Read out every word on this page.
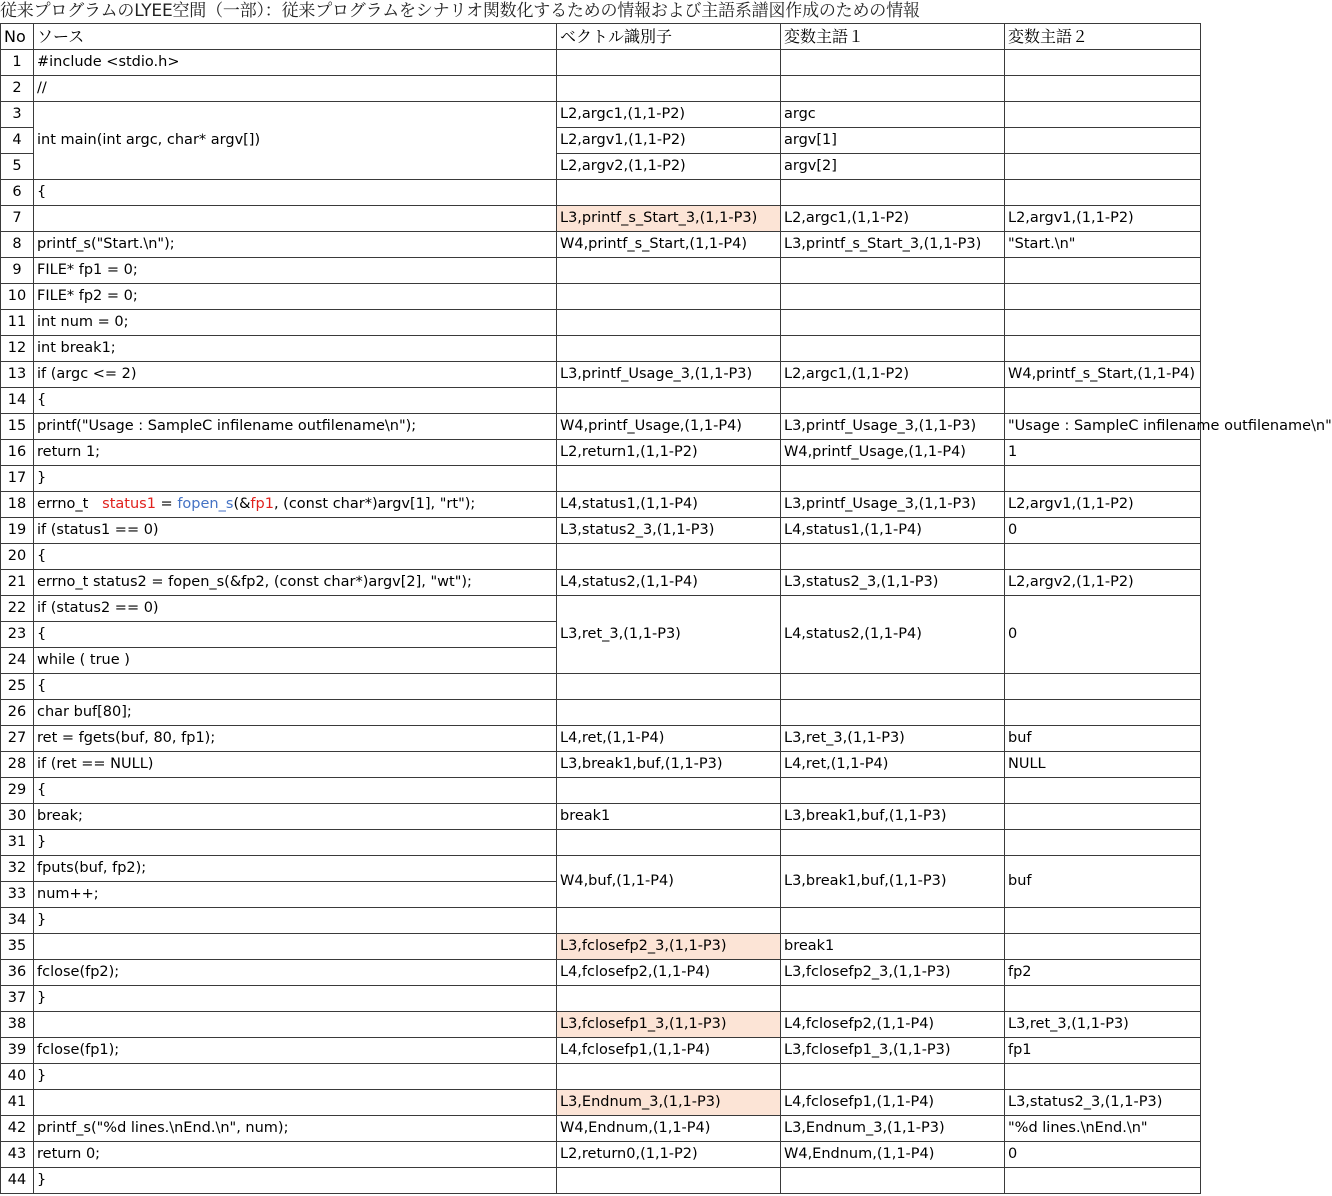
従来プログラムのLYEE空間（一部）：従来プログラムをシナリオ関数化するための情報および主語系譜図作成のための情報
No	ソース	ベクトル識別子	変数主語１	変数主語２
1	#include <stdio.h>			
2	//			
3	int main(int argc, char* argv[])	L2,argc1,(1,1-P2)	argc	
4		L2,argv1,(1,1-P2)	argv[1]	
5		L2,argv2,(1,1-P2)	argv[2]	
6	{			
7		L3,printf_s_Start_3,(1,1-P3)	L2,argc1,(1,1-P2)	L2,argv1,(1,1-P2)
8	printf_s("Start.\n");	W4,printf_s_Start,(1,1-P4)	L3,printf_s_Start_3,(1,1-P3)	"Start.\n"
9	FILE* fp1 = 0;			
10	FILE* fp2 = 0;			
11	int num = 0;			
12	int break1;			
13	if (argc <= 2)	L3,printf_Usage_3,(1,1-P3)	L2,argc1,(1,1-P2)	W4,printf_s_Start,(1,1-P4)
14	{			
15	printf("Usage : SampleC infilename outfilename\n");	W4,printf_Usage,(1,1-P4)	L3,printf_Usage_3,(1,1-P3)	"Usage : SampleC infilename outfilename\n"
16	return 1;	L2,return1,(1,1-P2)	W4,printf_Usage,(1,1-P4)	1
17	}			
18	errno_t   status1 = fopen_s(&fp1, (const char*)argv[1], "rt");	L4,status1,(1,1-P4)	L3,printf_Usage_3,(1,1-P3)	L2,argv1,(1,1-P2)
19	if (status1 == 0)	L3,status2_3,(1,1-P3)	L4,status1,(1,1-P4)	0
20	{			
21	errno_t status2 = fopen_s(&fp2, (const char*)argv[2], "wt");	L4,status2,(1,1-P4)	L3,status2_3,(1,1-P3)	L2,argv2,(1,1-P2)
22	if (status2 == 0)	L3,ret_3,(1,1-P3)	L4,status2,(1,1-P4)	0
23	{			
24	while ( true )			
25	{			
26	char buf[80];			
27	ret = fgets(buf, 80, fp1);	L4,ret,(1,1-P4)	L3,ret_3,(1,1-P3)	buf
28	if (ret == NULL)	L3,break1,buf,(1,1-P3)	L4,ret,(1,1-P4)	NULL
29	{			
30	break;	break1	L3,break1,buf,(1,1-P3)	
31	}			
32	fputs(buf, fp2);	W4,buf,(1,1-P4)	L3,break1,buf,(1,1-P3)	buf
33	num++;			
34	}			
35		L3,fclosefp2_3,(1,1-P3)	break1	
36	fclose(fp2);	L4,fclosefp2,(1,1-P4)	L3,fclosefp2_3,(1,1-P3)	fp2
37	}			
38		L3,fclosefp1_3,(1,1-P3)	L4,fclosefp2,(1,1-P4)	L3,ret_3,(1,1-P3)
39	fclose(fp1);	L4,fclosefp1,(1,1-P4)	L3,fclosefp1_3,(1,1-P3)	fp1
40	}			
41		L3,Endnum_3,(1,1-P3)	L4,fclosefp1,(1,1-P4)	L3,status2_3,(1,1-P3)
42	printf_s("%d lines.\nEnd.\n", num);	W4,Endnum,(1,1-P4)	L3,Endnum_3,(1,1-P3)	"%d lines.\nEnd.\n"
43	return 0;	L2,return0,(1,1-P2)	W4,Endnum,(1,1-P4)	0
44	}			
